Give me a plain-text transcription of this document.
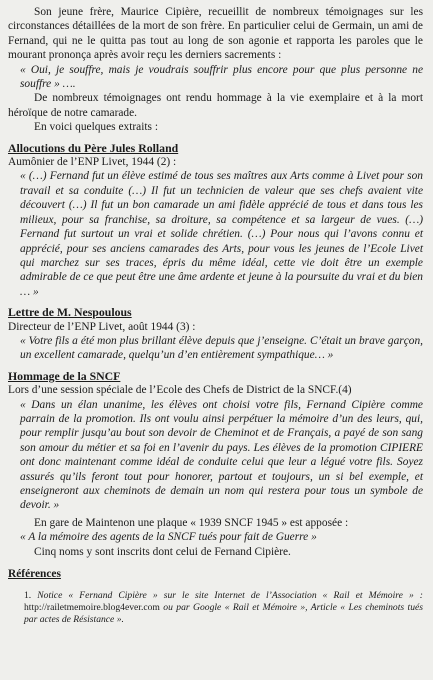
Son jeune frère, Maurice Cipière, recueillit de nombreux témoignages sur les circonstances détaillées de la mort de son frère. En particulier celui de Germain, un ami de Fernand, qui ne le quitta pas tout au long de son agonie et rapporta les paroles que le mourant prononça après avoir reçu les derniers sacrements :

« Oui, je souffre, mais je voudrais souffrir plus encore pour que plus personne ne souffre » ….

De nombreux témoignages ont rendu hommage à la vie exemplaire et à la mort héroïque de notre camarade.

En voici quelques extraits :

Allocutions du Père Jules Rolland

Aumônier de l’ENP Livet, 1944 (2) :

« (…) Fernand fut un élève estimé de tous ses maîtres aux Arts comme à Livet pour son travail et sa conduite (…) Il fut un technicien de valeur que ses chefs avaient vite découvert (…) Il fut un bon camarade un ami fidèle apprécié de tous et dans tous les milieux, pour sa franchise, sa droiture, sa compétence et sa largeur de vues. (…) Fernand fut surtout un vrai et solide chrétien. (…) Pour nous qui l’avons connu et apprécié, pour ses anciens camarades des Arts, pour vous les jeunes de l’Ecole Livet qui marchez sur ses traces, épris du même idéal, cette vie doit être un exemple admirable de ce que peut être une âme ardente et jeune à la poursuite du vrai et du bien … »

Lettre de M. Nespoulous

Directeur de l’ENP Livet, août 1944 (3) :

« Votre fils a été mon plus brillant élève depuis que j’enseigne. C’était un brave garçon, un excellent camarade, quelqu’un d’en entièrement sympathique… »

Hommage de la SNCF

Lors d’une session spéciale de l’Ecole des Chefs de District de la SNCF.(4)

« Dans un élan unanime, les élèves ont choisi votre fils, Fernand Cipière comme parrain de la promotion. Ils ont voulu ainsi perpétuer la mémoire d’un des leurs, qui, pour remplir jusqu’au bout son devoir de Cheminot et de Français, a payé de son sang son amour du métier et sa foi en l’avenir du pays. Les élèves de la promotion CIPIERE ont donc maintenant comme idéal de conduite celui que leur a légué votre fils. Soyez assurés qu’ils feront tout pour honorer, partout et toujours, un si bel exemple, et enseigneront aux cheminots de demain un nom qui restera pour tous un symbole de devoir. »

En gare de Maintenon une plaque « 1939 SNCF 1945 » est apposée :

« A la mémoire des agents de la SNCF tués pour fait de Guerre »

Cinq noms y sont inscrits dont celui de Fernand Cipière.

Références

1. Notice « Fernand Cipière » sur le site Internet de l’Association « Rail et Mémoire » : http://railetmemoire.blog4ever.com ou par Google « Rail et Mémoire », Article « Les cheminots tués par actes de Résistance ».
